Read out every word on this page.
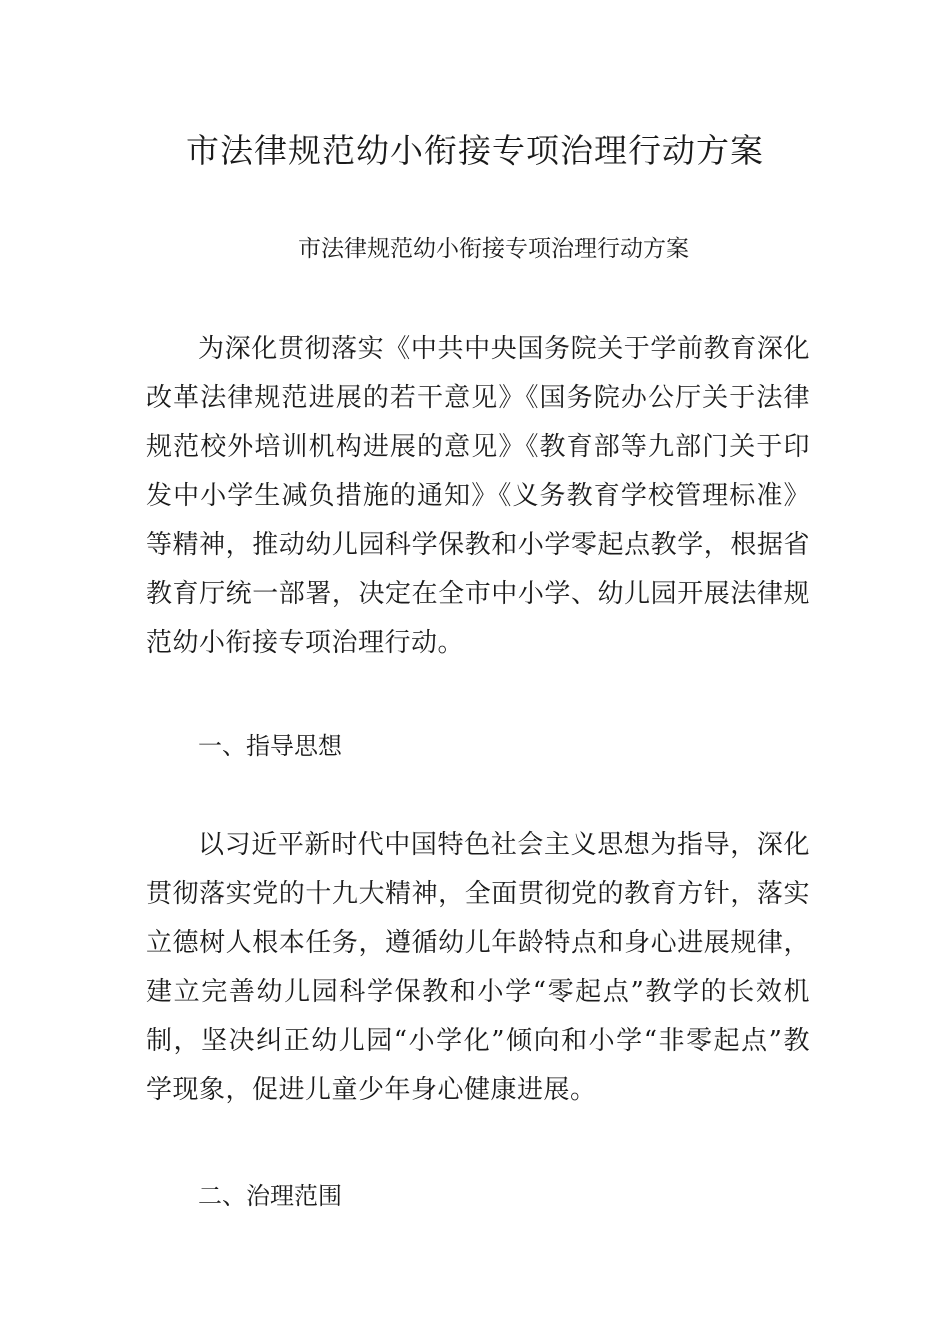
市法律规范幼小衔接专项治理行动方案

市法律规范幼小衔接专项治理行动方案

为深化贯彻落实《中共中央国务院关于学前教育深化改革法律规范进展的若干意见》《国务院办公厅关于法律规范校外培训机构进展的意见》《教育部等九部门关于印发中小学生减负措施的通知》《义务教育学校管理标准》等精神，推动幼儿园科学保教和小学零起点教学，根据省教育厅统一部署，决定在全市中小学、幼儿园开展法律规范幼小衔接专项治理行动。

一、指导思想

以习近平新时代中国特色社会主义思想为指导，深化贯彻落实党的十九大精神，全面贯彻党的教育方针，落实立德树人根本任务，遵循幼儿年龄特点和身心进展规律，建立完善幼儿园科学保教和小学“零起点”教学的长效机制，坚决纠正幼儿园“小学化”倾向和小学“非零起点”教学现象，促进儿童少年身心健康进展。

二、治理范围
